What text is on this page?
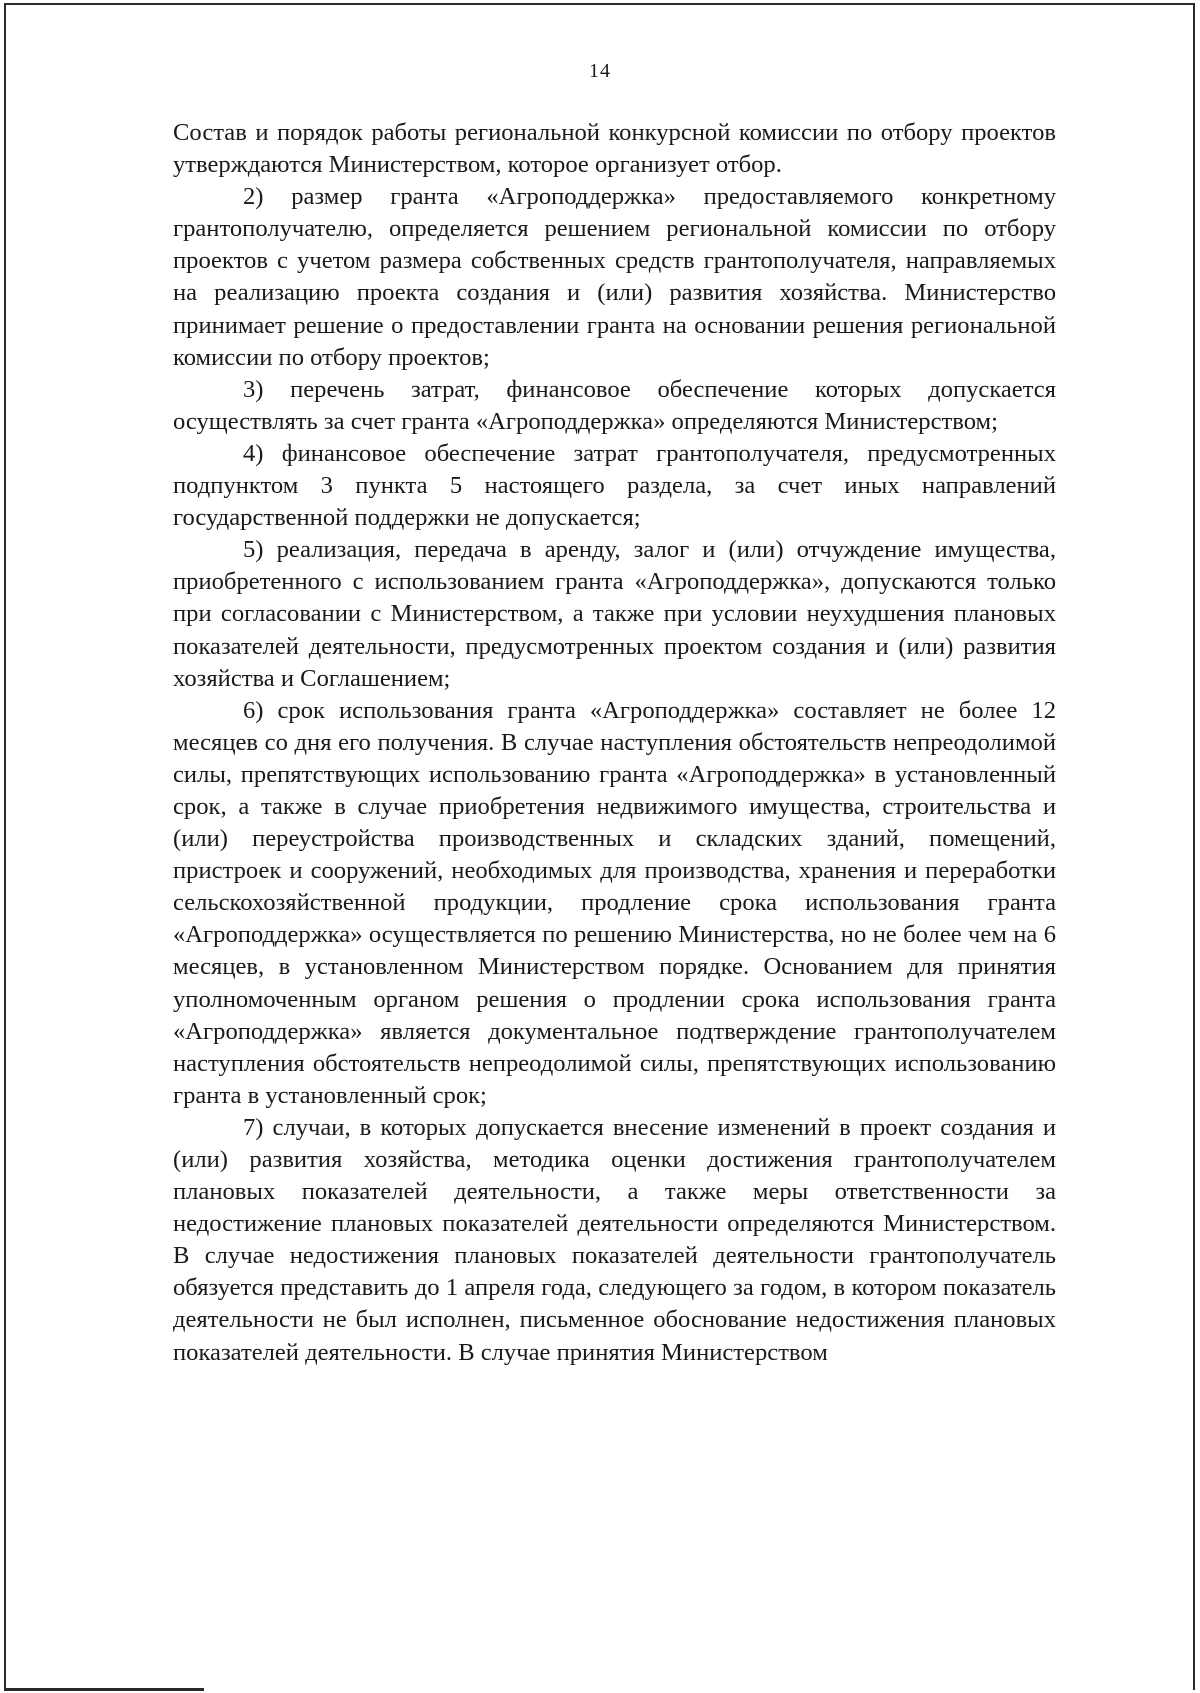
14

Состав и порядок работы региональной конкурсной комиссии по отбору проектов утверждаются Министерством, которое организует отбор.

2) размер гранта «Агроподдержка» предоставляемого конкретному грантополучателю, определяется решением региональной комиссии по отбору проектов с учетом размера собственных средств грантополучателя, направляемых на реализацию проекта создания и (или) развития хозяйства. Министерство принимает решение о предоставлении гранта на основании решения региональной комиссии по отбору проектов;

3) перечень затрат, финансовое обеспечение которых допускается осуществлять за счет гранта «Агроподдержка» определяются Министерством;

4) финансовое обеспечение затрат грантополучателя, предусмотренных подпунктом 3 пункта 5 настоящего раздела, за счет иных направлений государственной поддержки не допускается;

5) реализация, передача в аренду, залог и (или) отчуждение имущества, приобретенного с использованием гранта «Агроподдержка», допускаются только при согласовании с Министерством, а также при условии неухудшения плановых показателей деятельности, предусмотренных проектом создания и (или) развития хозяйства и Соглашением;

6) срок использования гранта «Агроподдержка» составляет не более 12 месяцев со дня его получения. В случае наступления обстоятельств непреодолимой силы, препятствующих использованию гранта «Агроподдержка» в установленный срок, а также в случае приобретения недвижимого имущества, строительства и (или) переустройства производственных и складских зданий, помещений, пристроек и сооружений, необходимых для производства, хранения и переработки сельскохозяйственной продукции, продление срока использования гранта «Агроподдержка» осуществляется по решению Министерства, но не более чем на 6 месяцев, в установленном Министерством порядке. Основанием для принятия уполномоченным органом решения о продлении срока использования гранта «Агроподдержка» является документальное подтверждение грантополучателем наступления обстоятельств непреодолимой силы, препятствующих использованию гранта в установленный срок;

7) случаи, в которых допускается внесение изменений в проект создания и (или) развития хозяйства, методика оценки достижения грантополучателем плановых показателей деятельности, а также меры ответственности за недостижение плановых показателей деятельности определяются Министерством. В случае недостижения плановых показателей деятельности грантополучатель обязуется представить до 1 апреля года, следующего за годом, в котором показатель деятельности не был исполнен, письменное обоснование недостижения плановых показателей деятельности. В случае принятия Министерством
